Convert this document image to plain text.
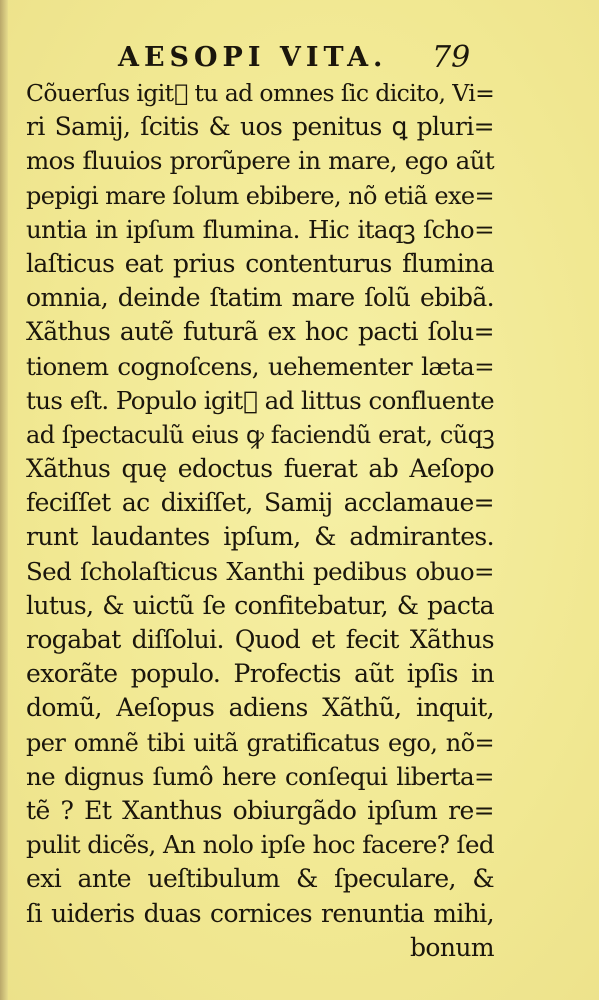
AESOPI VITA. 79
Cõuerſus igitᷣ tu ad omnes ſic dicito, Vi=
ri Samij, ſcitis & uos penitus ꝗ pluri=
mos fluuios prorũpere in mare, ego aũt
pepigi mare ſolum ebibere, nõ etiã exe=
untia in ipſum flumina. Hic itaqꝫ ſcho=
laſticus eat prius contenturus flumina
omnia, deinde ſtatim mare ſolũ ebibã.
Xãthus autẽ futurã ex hoc pacti ſolu=
tionem cognoſcens, uehementer læta=
tus eſt. Populo igitᷣ ad littus confluente
ad ſpectaculũ eius ꝙ faciendũ erat, cũqꝫ
Xãthus quę edoctus fuerat ab Aeſopo
feciſſet ac dixiſſet, Samij acclamaue=
runt laudantes ipſum, & admirantes.
Sed ſcholaſticus Xanthi pedibus obuo=
lutus, & uictũ ſe confitebatur, & pacta
rogabat diſſolui. Quod et fecit Xãthus
exorãte populo. Profectis aũt ipſis in
domũ, Aeſopus adiens Xãthũ, inquit,
per omnẽ tibi uitã gratificatus ego, nõ=
ne dignus ſumô here conſequi liberta=
tẽ ? Et Xanthus obiurgãdo ipſum re=
pulit dicẽs, An nolo ipſe hoc facere? ſed
exi ante ueſtibulum & ſpeculare, &
ſi uideris duas cornices renuntia mihi,
bonum
